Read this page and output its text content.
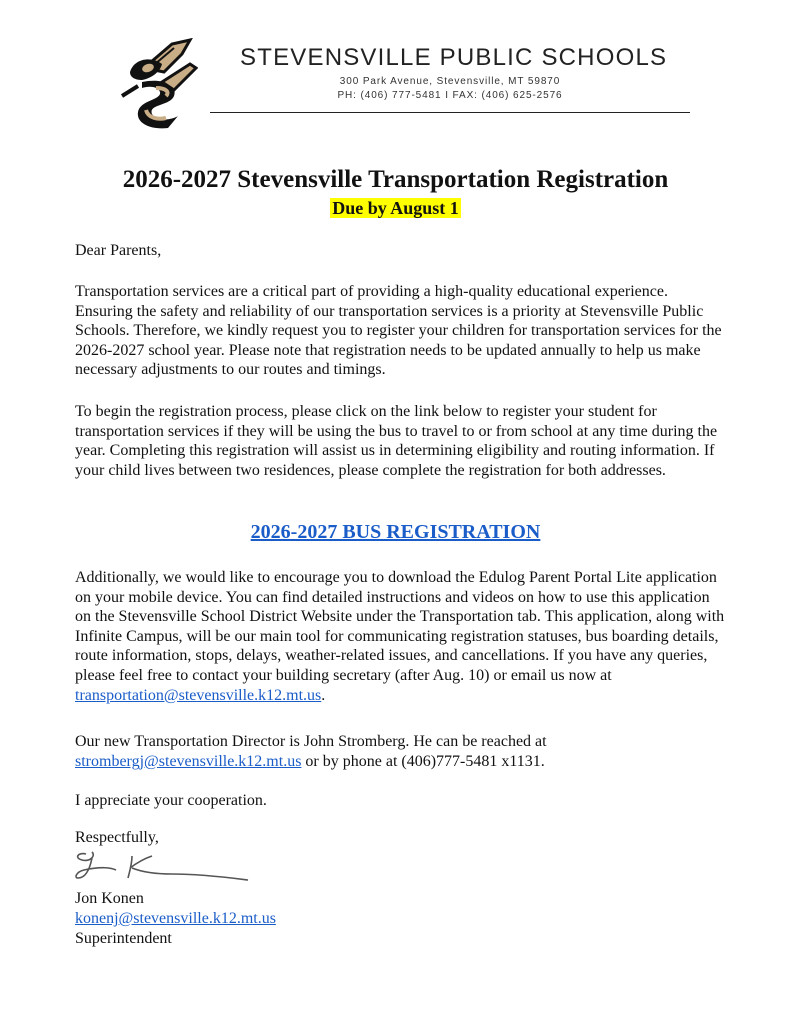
STEVENSVILLE PUBLIC SCHOOLS
300 Park Avenue, Stevensville, MT 59870
PH: (406) 777-5481 I FAX: (406) 625-2576
2026-2027 Stevensville Transportation Registration
Due by August 1
Dear Parents,
Transportation services are a critical part of providing a high-quality educational experience. Ensuring the safety and reliability of our transportation services is a priority at Stevensville Public Schools. Therefore, we kindly request you to register your children for transportation services for the 2026-2027 school year. Please note that registration needs to be updated annually to help us make necessary adjustments to our routes and timings.
To begin the registration process, please click on the link below to register your student for transportation services if they will be using the bus to travel to or from school at any time during the year. Completing this registration will assist us in determining eligibility and routing information. If your child lives between two residences, please complete the registration for both addresses.
2026-2027 BUS REGISTRATION
Additionally, we would like to encourage you to download the Edulog Parent Portal Lite application on your mobile device. You can find detailed instructions and videos on how to use this application on the Stevensville School District Website under the Transportation tab. This application, along with Infinite Campus, will be our main tool for communicating registration statuses, bus boarding details, route information, stops, delays, weather-related issues, and cancellations. If you have any queries, please feel free to contact your building secretary (after Aug. 10) or email us now at transportation@stevensville.k12.mt.us.
Our new Transportation Director is John Stromberg. He can be reached at strombergj@stevensville.k12.mt.us or by phone at (406)777-5481 x1131.
I appreciate your cooperation.
Respectfully,
Jon Konen
konenj@stevensville.k12.mt.us
Superintendent
